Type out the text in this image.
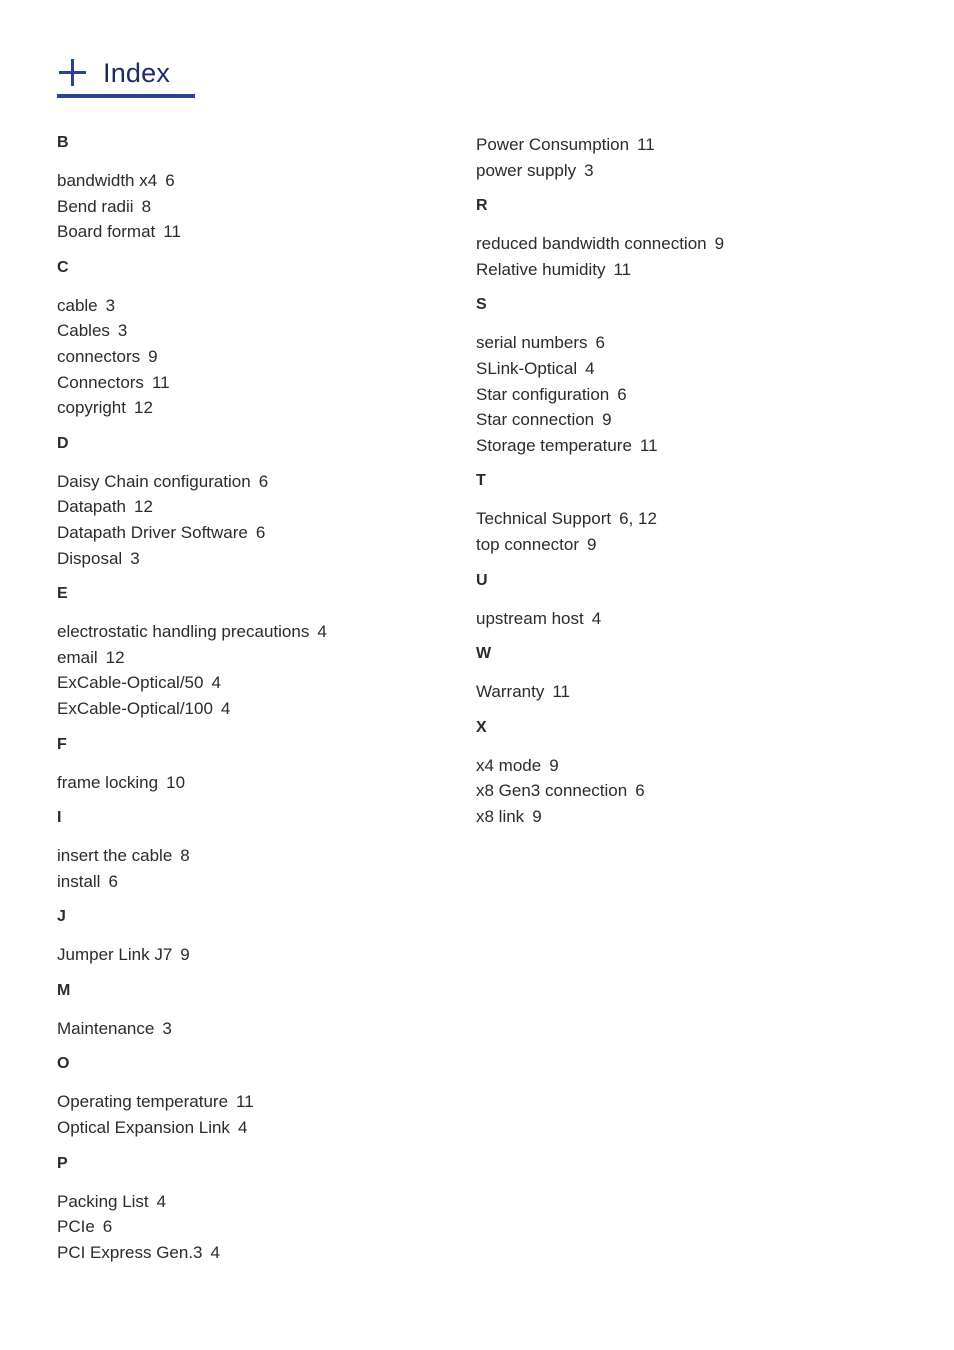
Index
B
bandwidth x4 6
Bend radii 8
Board format 11
C
cable 3
Cables 3
connectors 9
Connectors 11
copyright 12
D
Daisy Chain configuration 6
Datapath 12
Datapath Driver Software 6
Disposal 3
E
electrostatic handling precautions 4
email 12
ExCable-Optical/50 4
ExCable-Optical/100 4
F
frame locking 10
I
insert the cable 8
install 6
J
Jumper Link J7 9
M
Maintenance 3
O
Operating temperature 11
Optical Expansion Link 4
P
Packing List 4
PCIe 6
PCI Express Gen.3 4
Power Consumption 11
power supply 3
R
reduced bandwidth connection 9
Relative humidity 11
S
serial numbers 6
SLink-Optical 4
Star configuration 6
Star connection 9
Storage temperature 11
T
Technical Support 6, 12
top connector 9
U
upstream host 4
W
Warranty 11
X
x4 mode 9
x8 Gen3 connection 6
x8 link 9
